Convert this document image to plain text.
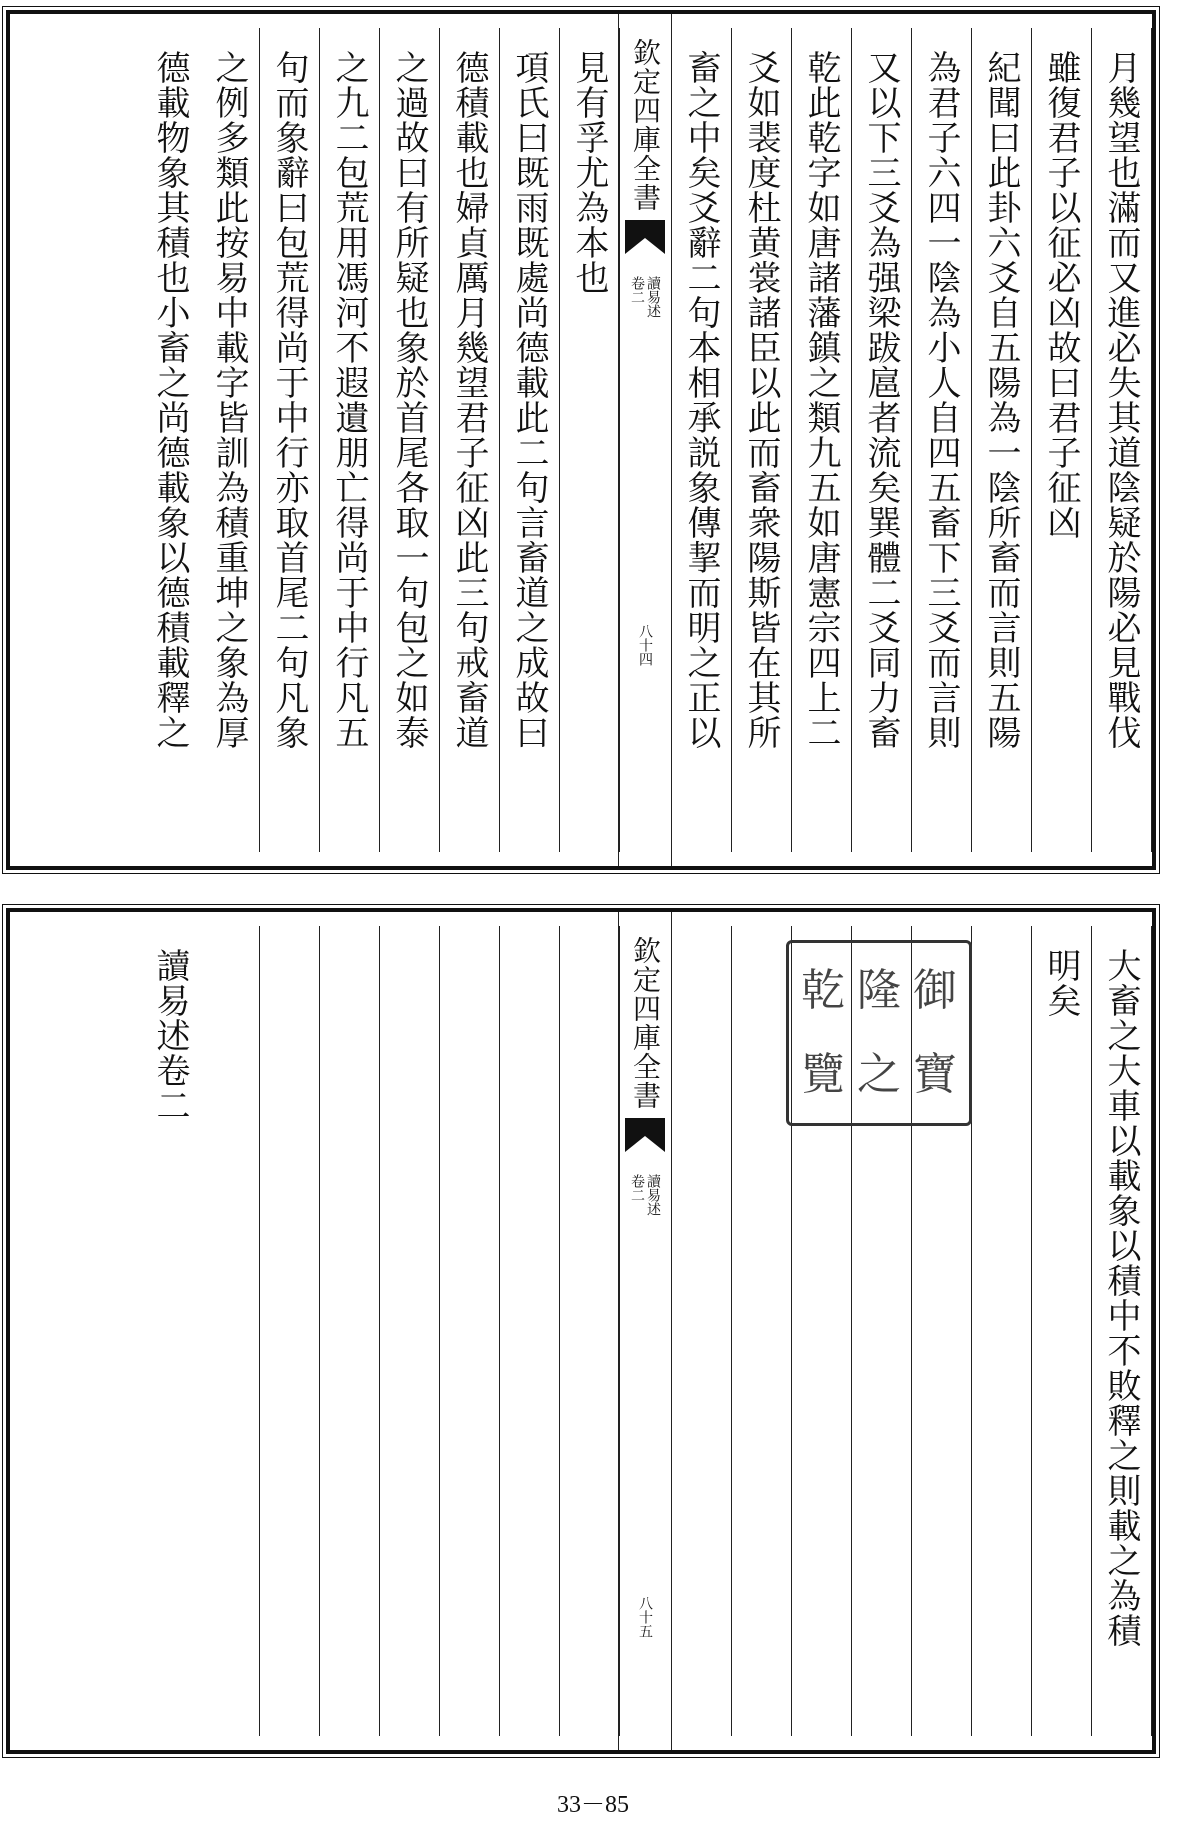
月幾望也滿而又進必失其道陰疑於陽必見戰伐
雖復君子以征必凶故曰君子征凶
紀聞曰此卦六爻自五陽為一陰所畜而言則五陽
為君子六四一陰為小人自四五畜下三爻而言則
又以下三爻為强梁跋扈者流矣巽體二爻同力畜
乾此乾字如唐諸藩鎮之類九五如唐憲宗四上二
爻如裴度杜黄裳諸臣以此而畜衆陽斯皆在其所
畜之中矣爻辭二句本相承説象傳挈而明之正以
欽定四庫全書
讀易述
卷二
八十四
見有孚尤為本也
項氏曰既雨既處尚德載此二句言畜道之成故曰
德積載也婦貞厲月幾望君子征凶此三句戒畜道
之過故曰有所疑也象於首尾各取一句包之如泰
之九二包荒用馮河不遐遺朋亡得尚于中行凡五
句而象辭曰包荒得尚于中行亦取首尾二句凡象
之例多類此按易中載字皆訓為積重坤之象為厚
德載物象其積也小畜之尚德載象以德積載釋之
大畜之大車以載象以積中不敗釋之則載之為積
明矣
乾 隆 御
覽 之 寶
欽定四庫全書
讀易述
卷二
八十五
讀易述卷二
33－85
